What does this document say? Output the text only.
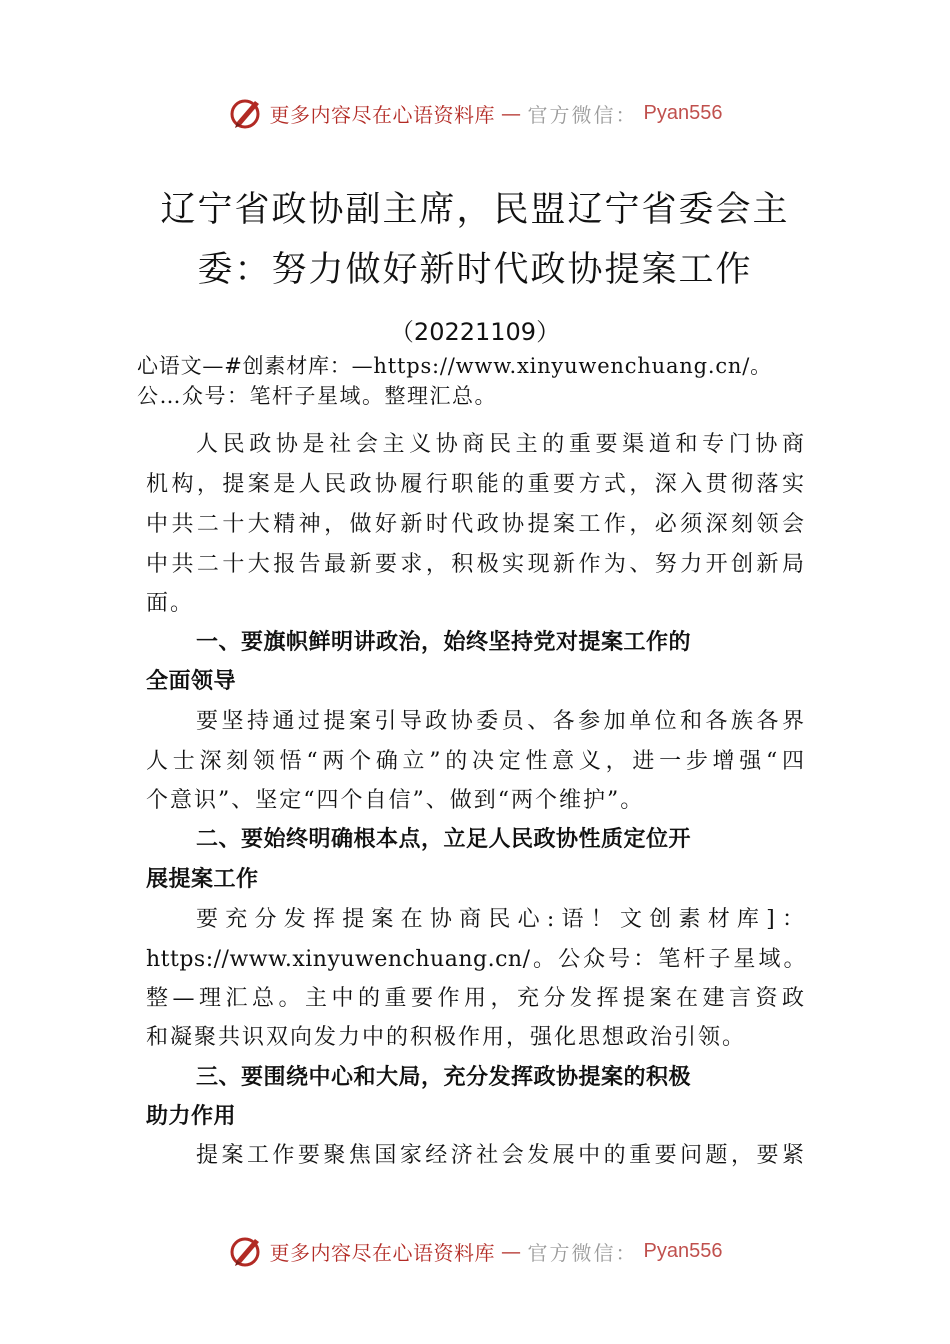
更多内容尽在心语资料库 — 官方微信： Pyan556
辽宁省政协副主席，民盟辽宁省委会主
委：努力做好新时代政协提案工作
（20221109）
心语文—#创素材库：—https://www.xinyuwenchuang.cn/。
公…众号：笔杆子星域。整理汇总。
人民政协是社会主义协商民主的重要渠道和专门协商
机构，提案是人民政协履行职能的重要方式，深入贯彻落实
中共二十大精神，做好新时代政协提案工作，必须深刻领会
中共二十大报告最新要求，积极实现新作为、努力开创新局
面。
一、要旗帜鲜明讲政治，始终坚持党对提案工作的
全面领导
要坚持通过提案引导政协委员、各参加单位和各族各界
人士深刻领悟“两个确立”的决定性意义，进一步增强“四
个意识”、坚定“四个自信”、做到“两个维护”。
二、要始终明确根本点，立足人民政协性质定位开
展提案工作
要充分发挥提案在协商民心:语！文创素材库]：
https://www.xinyuwenchuang.cn/。公众号：笔杆子星域。
整—理汇总。主中的重要作用，充分发挥提案在建言资政
和凝聚共识双向发力中的积极作用，强化思想政治引领。
三、要围绕中心和大局，充分发挥政协提案的积极
助力作用
提案工作要聚焦国家经济社会发展中的重要问题，要紧
更多内容尽在心语资料库 — 官方微信： Pyan556
